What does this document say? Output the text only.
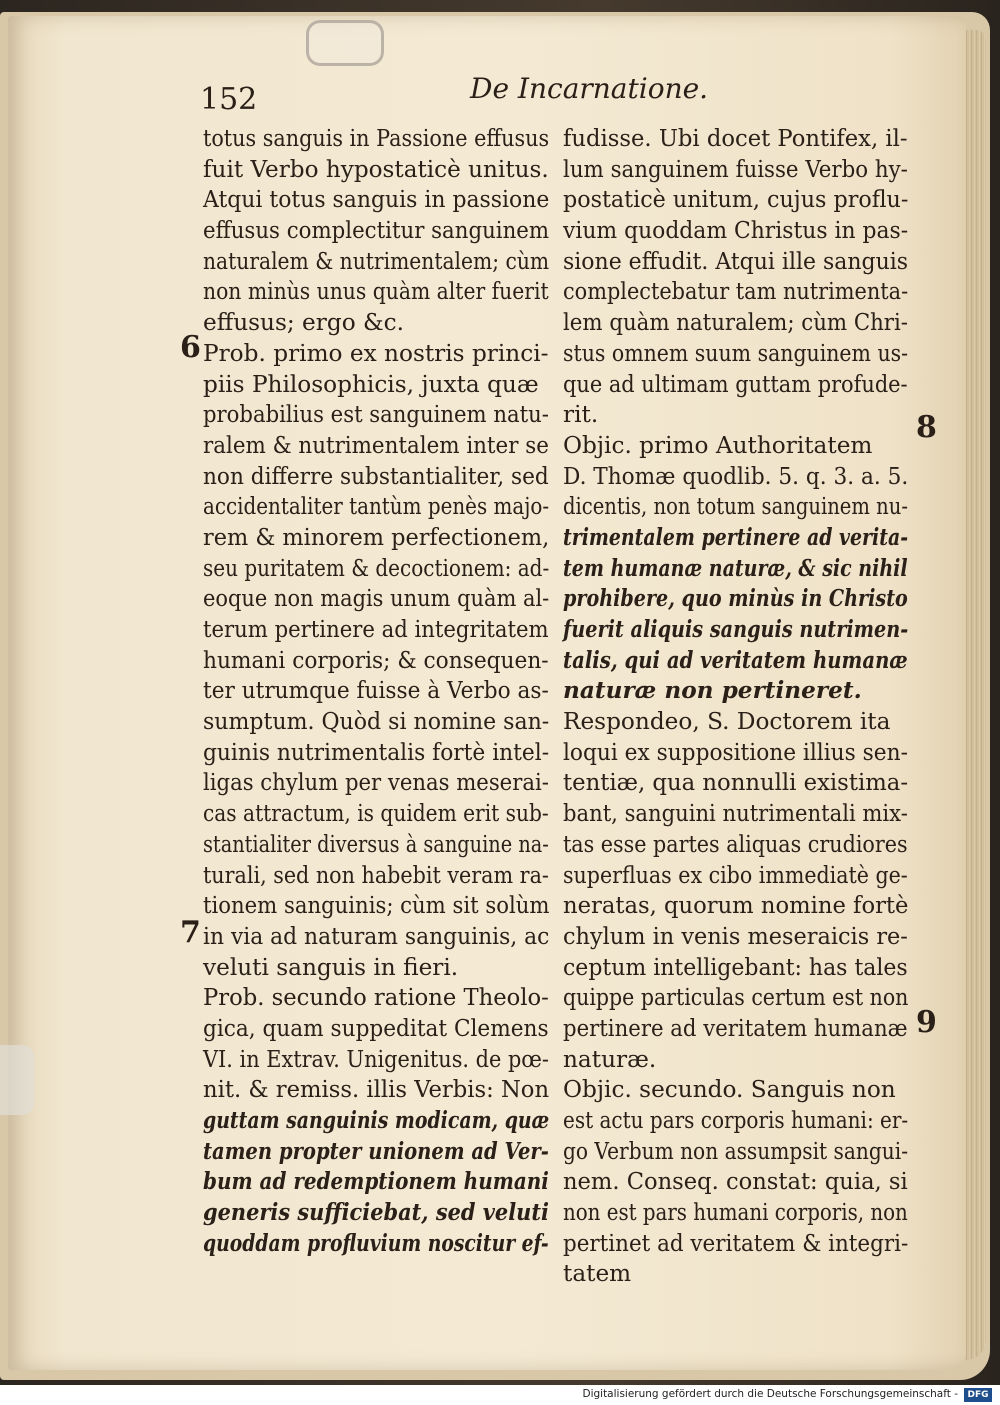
152	De Incarnatione.
6
7
8
9
totus sanguis in Passione effusus
fuit Verbo hypostaticè unitus.
Atqui totus sanguis in passione
effusus complectitur sanguinem
naturalem & nutrimentalem; cùm
non minùs unus quàm alter fuerit
effusus; ergo &c.
Prob. primo ex nostris princi-
piis Philosophicis, juxta quæ
probabilius est sanguinem natu-
ralem & nutrimentalem inter se
non differre substantialiter, sed
accidentaliter tantùm penès majo-
rem & minorem perfectionem,
seu puritatem & decoctionem: ad-
eoque non magis unum quàm al-
terum pertinere ad integritatem
humani corporis; & consequen-
ter utrumque fuisse à Verbo as-
sumptum. Quòd si nomine san-
guinis nutrimentalis fortè intel-
ligas chylum per venas meserai-
cas attractum, is quidem erit sub-
stantialiter diversus à sanguine na-
turali, sed non habebit veram ra-
tionem sanguinis; cùm sit solùm
in via ad naturam sanguinis, ac
veluti sanguis in fieri.
Prob. secundo ratione Theolo-
gica, quam suppeditat Clemens
VI. in Extrav. Unigenitus. de pœ-
nit. & remiss. illis Verbis: Non
guttam sanguinis modicam, quæ
tamen propter unionem ad Ver-
bum ad redemptionem humani
generis sufficiebat, sed veluti
quoddam profluvium noscitur ef-
fudisse. Ubi docet Pontifex, il-
lum sanguinem fuisse Verbo hy-
postaticè unitum, cujus proflu-
vium quoddam Christus in pas-
sione effudit. Atqui ille sanguis
complectebatur tam nutrimenta-
lem quàm naturalem; cùm Chri-
stus omnem suum sanguinem us-
que ad ultimam guttam profude-
rit.
Objic. primo Authoritatem
D. Thomæ quodlib. 5. q. 3. a. 5.
dicentis, non totum sanguinem nu-
trimentalem pertinere ad verita-
tem humanæ naturæ, & sic nihil
prohibere, quo minùs in Christo
fuerit aliquis sanguis nutrimen-
talis, qui ad veritatem humanæ
naturæ non pertineret.
Respondeo, S. Doctorem ita
loqui ex suppositione illius sen-
tentiæ, qua nonnulli existima-
bant, sanguini nutrimentali mix-
tas esse partes aliquas crudiores
superfluas ex cibo immediatè ge-
neratas, quorum nomine fortè
chylum in venis meseraicis re-
ceptum intelligebant: has tales
quippe particulas certum est non
pertinere ad veritatem humanæ
naturæ.
Objic. secundo. Sanguis non
est actu pars corporis humani: er-
go Verbum non assumpsit sangui-
nem. Conseq. constat: quia, si
non est pars humani corporis, non
pertinet ad veritatem & integri-
tatem
Digitalisierung gefördert durch die Deutsche Forschungsgemeinschaft -	DFG
